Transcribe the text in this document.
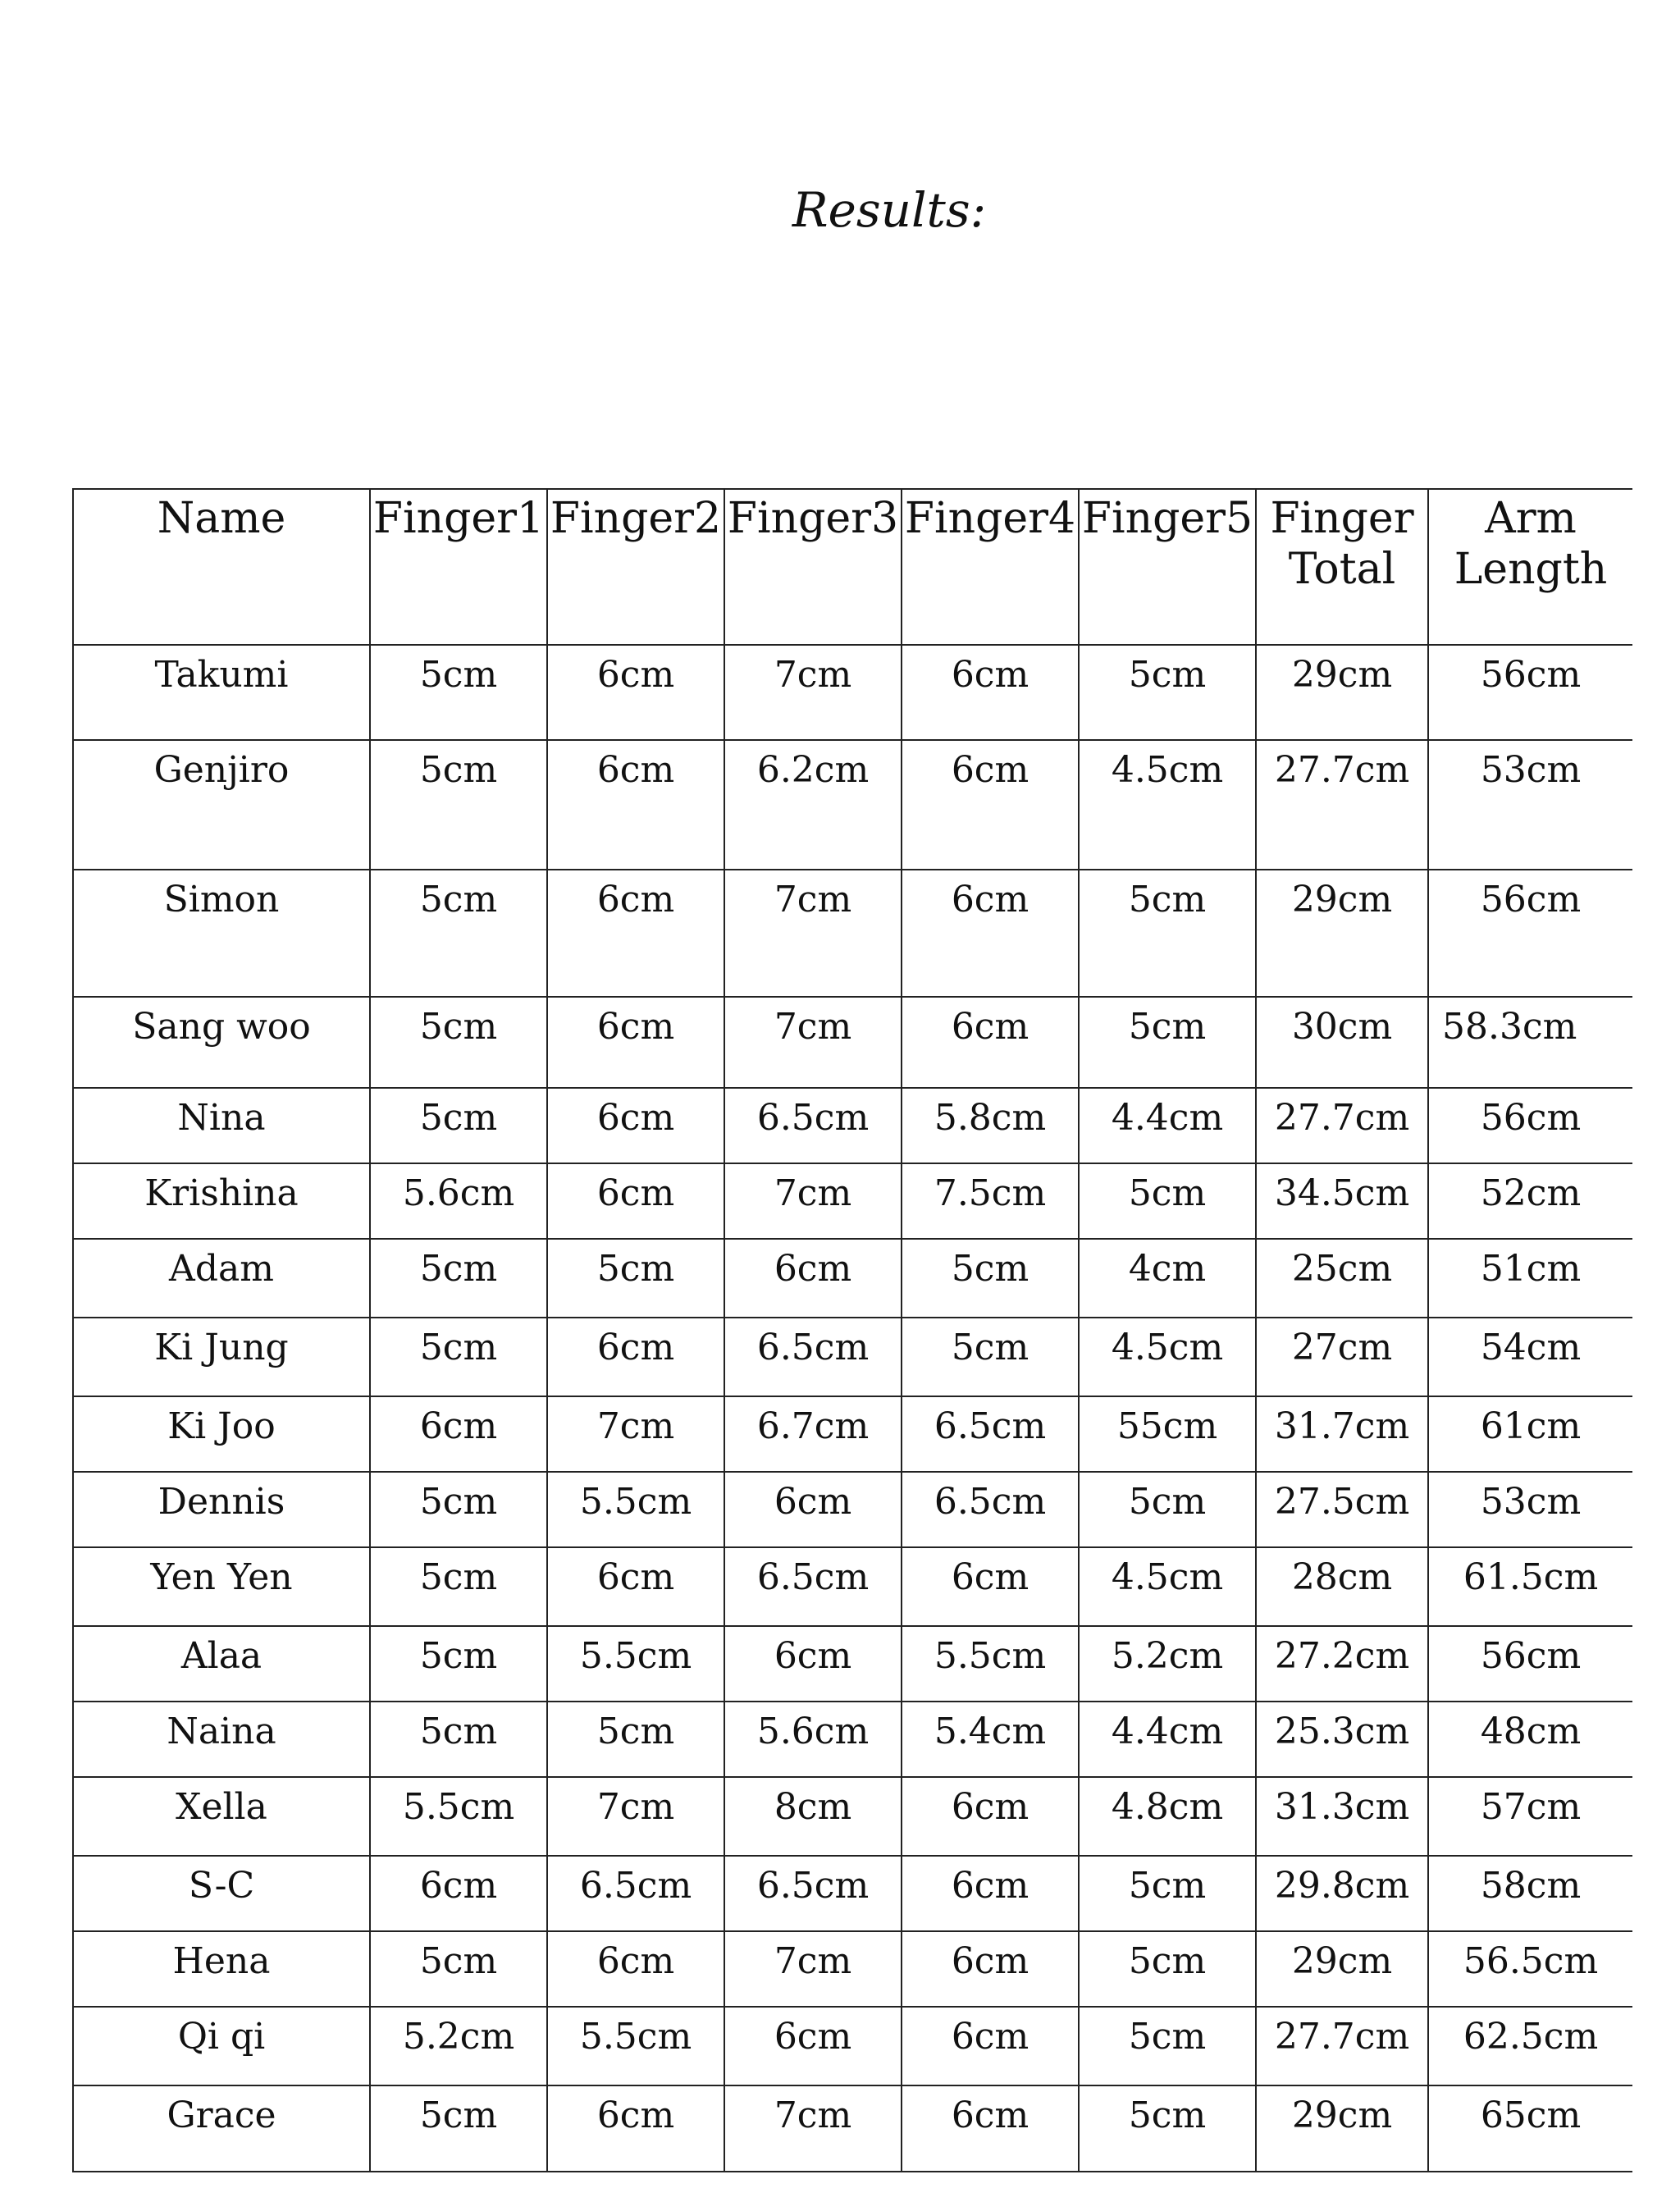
Results:
Name	Finger1	Finger2	Finger3	Finger4	Finger5	Finger Total	Arm Length
Takumi	5cm	6cm	7cm	6cm	5cm	29cm	56cm
Genjiro	5cm	6cm	6.2cm	6cm	4.5cm	27.7cm	53cm
Simon	5cm	6cm	7cm	6cm	5cm	29cm	56cm
Sang woo	5cm	6cm	7cm	6cm	5cm	30cm	58.3cm
Nina	5cm	6cm	6.5cm	5.8cm	4.4cm	27.7cm	56cm
Krishina	5.6cm	6cm	7cm	7.5cm	5cm	34.5cm	52cm
Adam	5cm	5cm	6cm	5cm	4cm	25cm	51cm
Ki Jung	5cm	6cm	6.5cm	5cm	4.5cm	27cm	54cm
Ki Joo	6cm	7cm	6.7cm	6.5cm	55cm	31.7cm	61cm
Dennis	5cm	5.5cm	6cm	6.5cm	5cm	27.5cm	53cm
Yen Yen	5cm	6cm	6.5cm	6cm	4.5cm	28cm	61.5cm
Alaa	5cm	5.5cm	6cm	5.5cm	5.2cm	27.2cm	56cm
Naina	5cm	5cm	5.6cm	5.4cm	4.4cm	25.3cm	48cm
Xella	5.5cm	7cm	8cm	6cm	4.8cm	31.3cm	57cm
S-C	6cm	6.5cm	6.5cm	6cm	5cm	29.8cm	58cm
Hena	5cm	6cm	7cm	6cm	5cm	29cm	56.5cm
Qi qi	5.2cm	5.5cm	6cm	6cm	5cm	27.7cm	62.5cm
Grace	5cm	6cm	7cm	6cm	5cm	29cm	65cm
